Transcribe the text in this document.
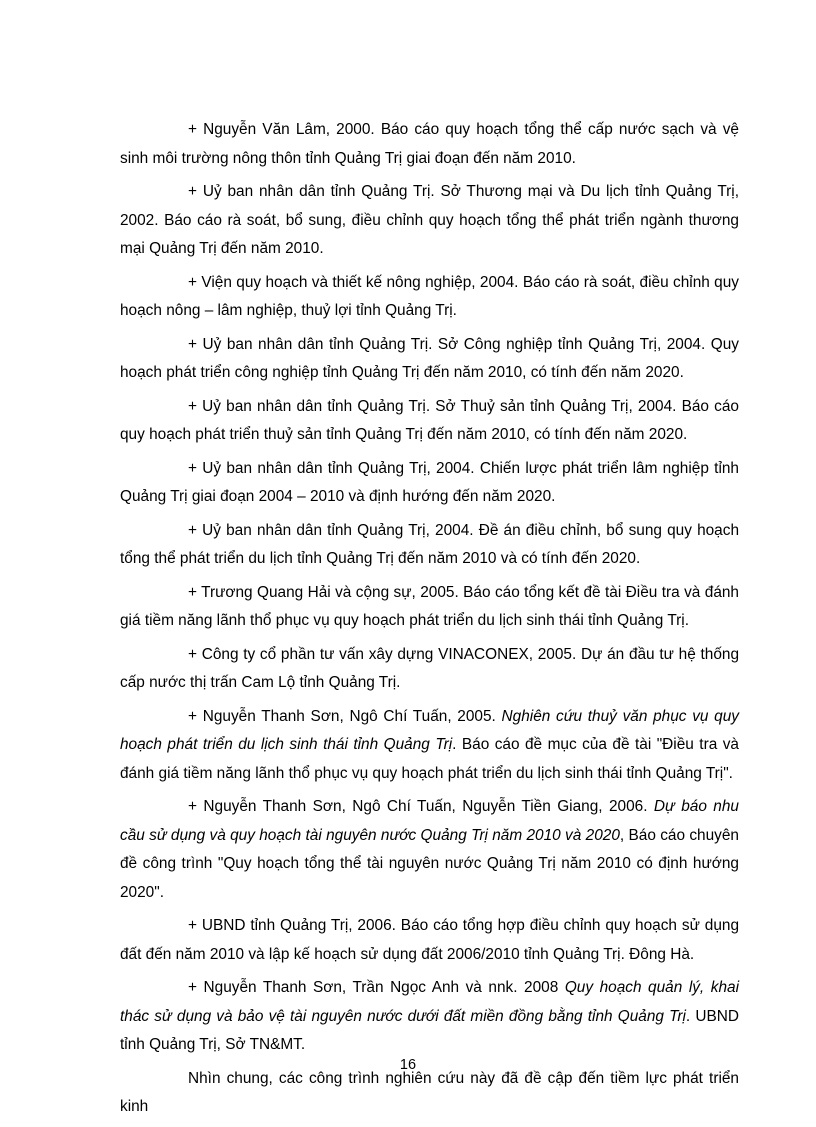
+ Nguyễn Văn Lâm, 2000. Báo cáo quy hoạch tổng thể cấp nước sạch và vệ sinh môi trường nông thôn tỉnh Quảng Trị giai đoạn đến năm 2010.

+ Uỷ ban nhân dân tỉnh Quảng Trị. Sở Thương mại và Du lịch tỉnh Quảng Trị, 2002. Báo cáo rà soát, bổ sung, điều chỉnh quy hoạch tổng thể phát triển ngành thương mại Quảng Trị đến năm 2010.

+ Viện quy hoạch và thiết kế nông nghiệp, 2004. Báo cáo rà soát, điều chỉnh quy hoạch nông – lâm nghiệp, thuỷ lợi tỉnh Quảng Trị.

+ Uỷ ban nhân dân tỉnh Quảng Trị. Sở Công nghiệp tỉnh Quảng Trị, 2004. Quy hoạch phát triển công nghiệp tỉnh Quảng Trị đến năm 2010, có tính đến năm 2020.

+ Uỷ ban nhân dân tỉnh Quảng Trị. Sở Thuỷ sản tỉnh Quảng Trị, 2004. Báo cáo quy hoạch phát triển thuỷ sản tỉnh Quảng Trị đến năm 2010, có tính đến năm 2020.

+ Uỷ ban nhân dân tỉnh Quảng Trị, 2004. Chiến lược phát triển lâm nghiệp tỉnh Quảng Trị giai đoạn 2004 – 2010 và định hướng đến năm 2020.

+ Uỷ ban nhân dân tỉnh Quảng Trị, 2004. Đề án điều chỉnh, bổ sung quy hoạch tổng thể phát triển du lịch tỉnh Quảng Trị đến năm 2010 và có tính đến 2020.

+ Trương Quang Hải và cộng sự, 2005. Báo cáo tổng kết đề tài Điều tra và đánh giá tiềm năng lãnh thổ phục vụ quy hoạch phát triển du lịch sinh thái tỉnh Quảng Trị.

+ Công ty cổ phần tư vấn xây dựng VINACONEX, 2005. Dự án đầu tư hệ thống cấp nước thị trấn Cam Lộ tỉnh Quảng Trị.

+ Nguyễn Thanh Sơn, Ngô Chí Tuấn, 2005. Nghiên cứu thuỷ văn phục vụ quy hoạch phát triển du lịch sinh thái tỉnh Quảng Trị. Báo cáo đề mục của đề tài "Điều tra và đánh giá tiềm năng lãnh thổ phục vụ quy hoạch phát triển du lịch sinh thái tỉnh Quảng Trị".

+ Nguyễn Thanh Sơn, Ngô Chí Tuấn, Nguyễn Tiền Giang, 2006. Dự báo nhu cầu sử dụng và quy hoạch tài nguyên nước Quảng Trị năm 2010 và 2020, Báo cáo chuyên đề công trình "Quy hoạch tổng thể tài nguyên nước Quảng Trị năm 2010 có định hướng 2020".

+ UBND tỉnh Quảng Trị, 2006. Báo cáo tổng hợp điều chỉnh quy hoạch sử dụng đất đến năm 2010 và lập kế hoạch sử dụng đất 2006/2010 tỉnh Quảng Trị. Đông Hà.

+ Nguyễn Thanh Sơn, Trần Ngọc Anh và nnk. 2008 Quy hoạch quản lý, khai thác sử dụng và bảo vệ tài nguyên nước dưới đất miền đồng bằng tỉnh Quảng Trị. UBND tỉnh Quảng Trị, Sở TN&MT.

Nhìn chung, các công trình nghiên cứu này đã đề cập đến tiềm lực phát triển kinh

16
